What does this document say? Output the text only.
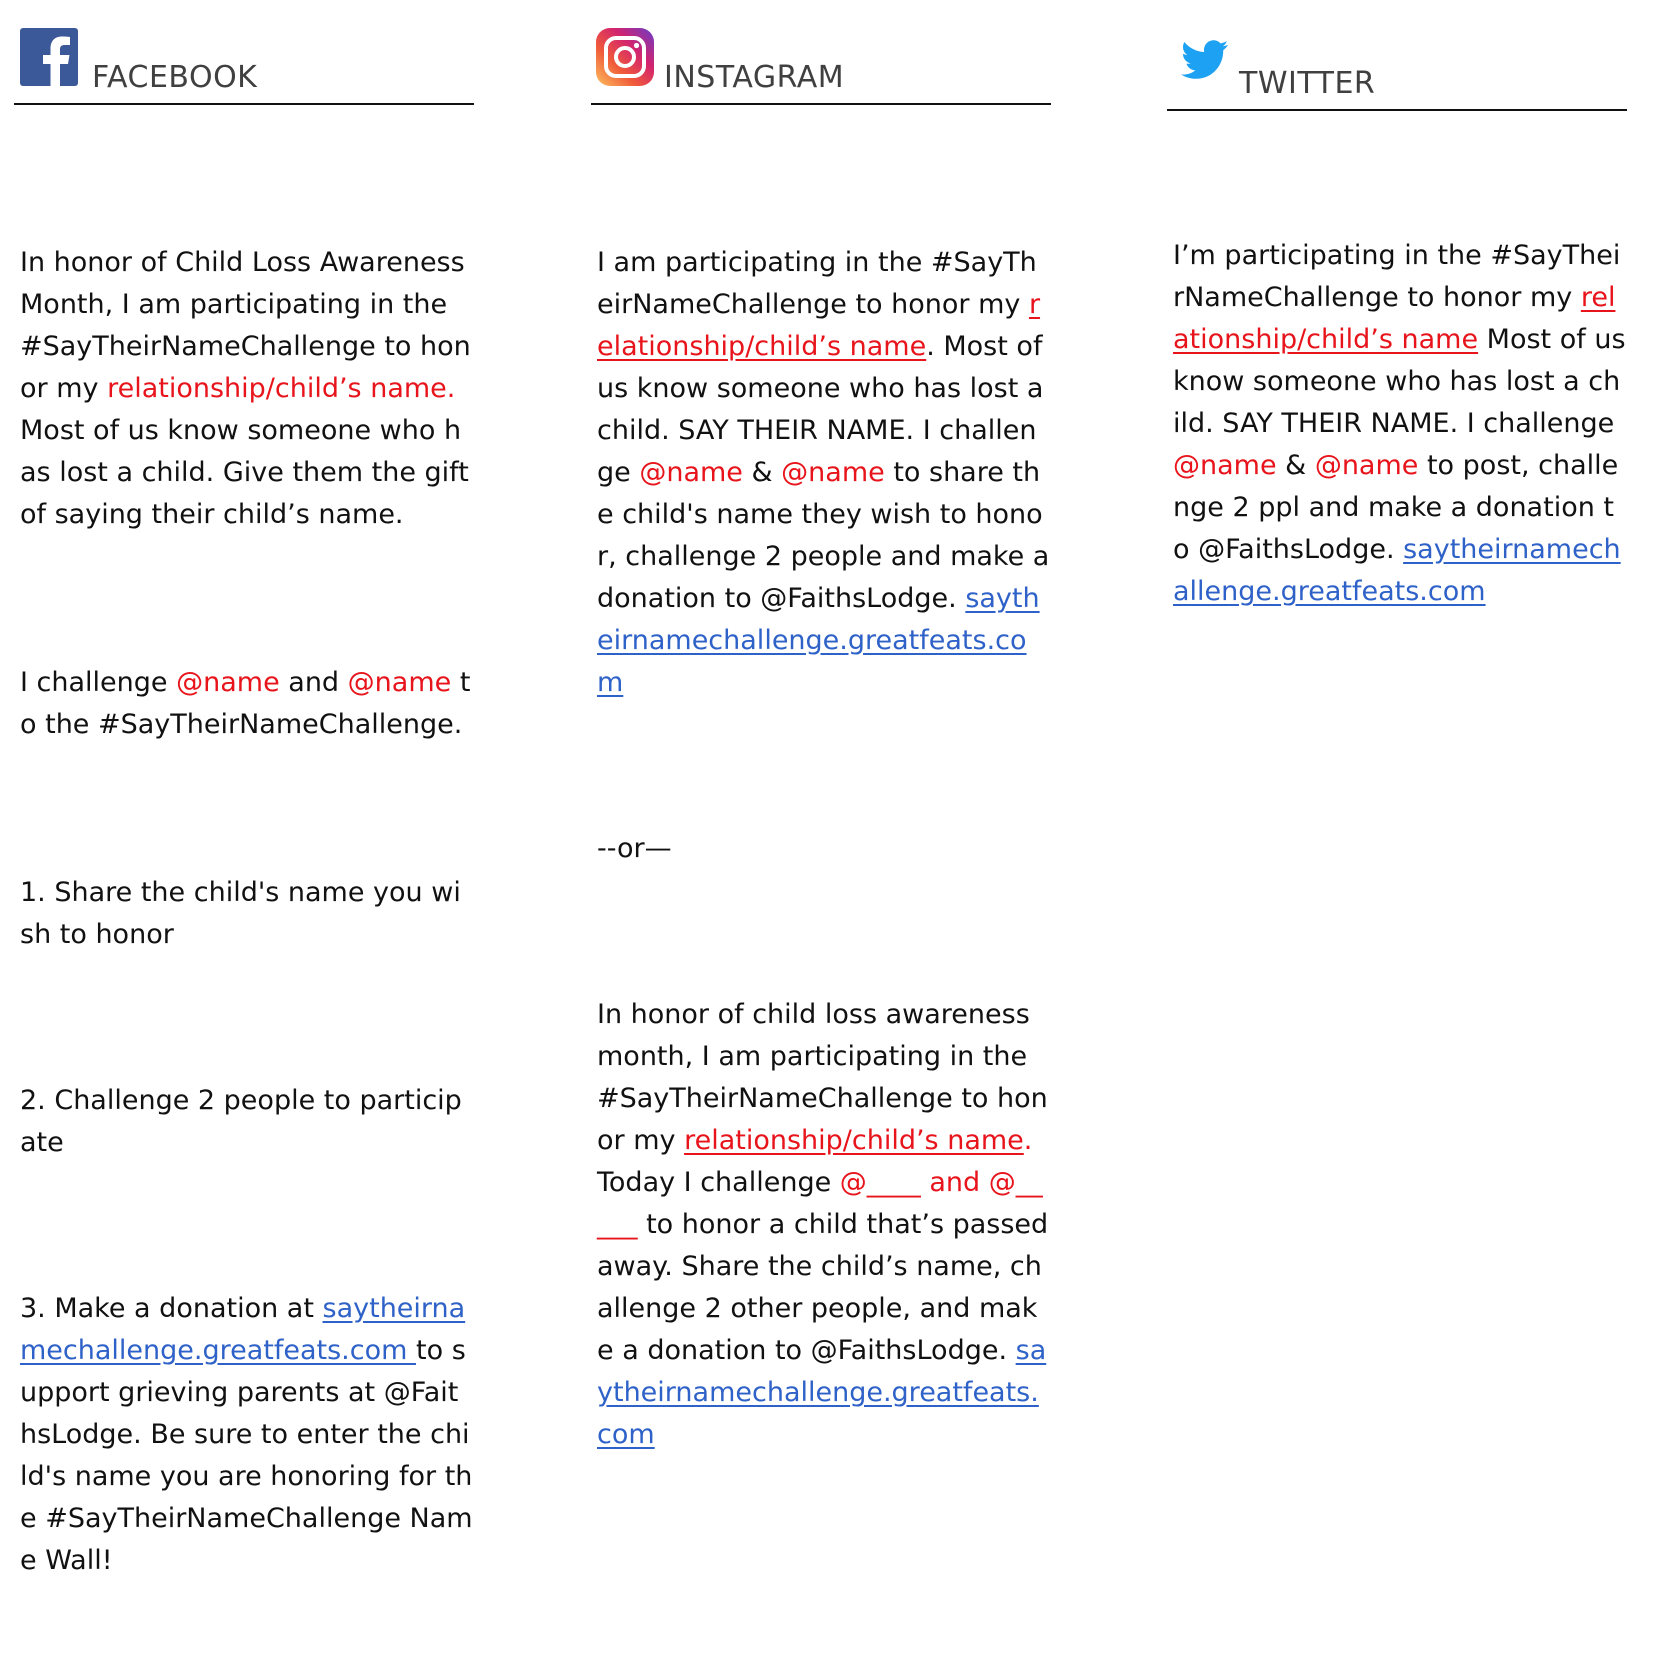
FACEBOOK

In honor of Child Loss Awareness Month, I am participating in the #SayTheirNameChallenge to honor my relationship/child’s name. Most of us know someone who has lost a child. Give them the gift of saying their child’s name.

I challenge @name and @name to the #SayTheirNameChallenge.

1. Share the child's name you wish to honor

2. Challenge 2 people to participate

3. Make a donation at saytheirnamechallenge.greatfeats.com to support grieving parents at @FaithsLodge. Be sure to enter the child's name you are honoring for the #SayTheirNameChallenge Name Wall!

INSTAGRAM

I am participating in the #SayTheirNameChallenge to honor my relationship/child’s name. Most of us know someone who has lost a child. SAY THEIR NAME. I challenge @name & @name to share the child's name they wish to honor, challenge 2 people and make a donation to @FaithsLodge. saytheirnamechallenge.greatfeats.com

--or—

In honor of child loss awareness month, I am participating in the #SayTheirNameChallenge to honor my relationship/child’s name. Today I challenge @____ and @_____ to honor a child that’s passed away. Share the child’s name, challenge 2 other people, and make a donation to @FaithsLodge. saytheirnamechallenge.greatfeats.com

TWITTER

I’m participating in the #SayTheirNameChallenge to honor my relationship/child’s name Most of us know someone who has lost a child. SAY THEIR NAME. I challenge @name & @name to post, challenge 2 ppl and make a donation to @FaithsLodge. saytheirnamechallenge.greatfeats.com
